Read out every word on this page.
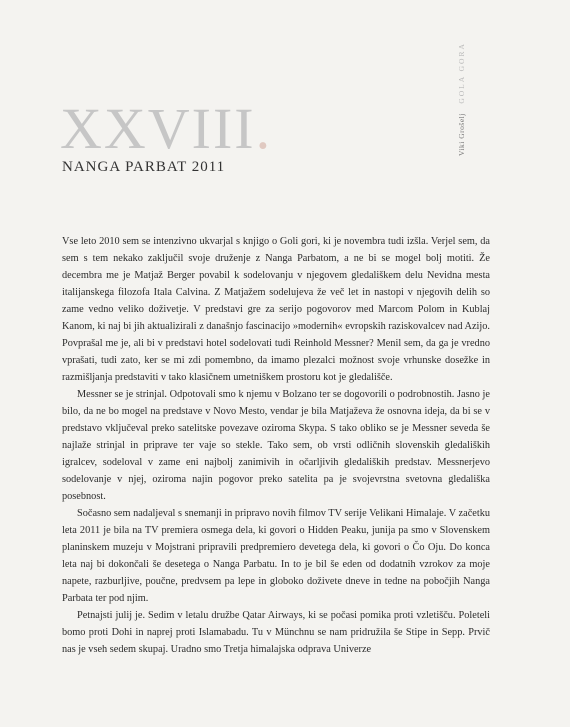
XXVIII.
NANGA PARBAT 2011
Viki Grošelj    GOLA GORA

Vse leto 2010 sem se intenzivno ukvarjal s knjigo o Goli gori, ki je novembra tudi izšla. Verjel sem, da sem s tem nekako zaključil svoje druženje z Nanga Parbatom, a ne bi se mogel bolj motiti. Že decembra me je Matjaž Berger povabil k sodelovanju v njegovem gledališkem delu Nevidna mesta italijanskega filozofa Itala Calvina. Z Matjažem sodelujeva že več let in nastopi v njegovih delih so zame vedno veliko doživetje. V predstavi gre za serijo pogovorov med Marcom Polom in Kublaj Kanom, ki naj bi jih aktualizirali z današnjo fascinacijo »modernih« evropskih raziskovalcev nad Azijo. Povprašal me je, ali bi v predstavi hotel sodelovati tudi Reinhold Messner? Menil sem, da ga je vredno vprašati, tudi zato, ker se mi zdi pomembno, da imamo plezalci možnost svoje vrhunske dosežke in razmišljanja predstaviti v tako klasičnem umetniškem prostoru kot je gledališče.

Messner se je strinjal. Odpotovali smo k njemu v Bolzano ter se dogovorili o podrobnostih. Jasno je bilo, da ne bo mogel na predstave v Novo Mesto, vendar je bila Matjaževa že osnovna ideja, da bi se v predstavo vključeval preko satelitske povezave oziroma Skypa. S tako obliko se je Messner seveda še najlaže strinjal in pripravе ter vaje so stekle. Tako sem, ob vrsti odličnih slovenskih gledaliških igralcev, sodeloval v zame eni najbolj zanimivih in očarljivih gledaliških predstav. Messnerjevo sodelovanje v njej, oziroma najin pogovor preko satelita pa je svojevrstna svetovna gledališka posebnost.

Sočasno sem nadaljeval s snemanji in pripravo novih filmov TV serije Velikani Himalaje. V začetku leta 2011 je bila na TV premiera osmega dela, ki govori o Hidden Peaku, junija pa smo v Slovenskem planinskem muzeju v Mojstrani pripravili predpremiero devetega dela, ki govori o Čo Oju. Do konca leta naj bi dokončali še desetega o Nanga Parbatu. In to je bil še eden od dodatnih vzrokov za moje napete, razburljive, poučne, predvsem pa lepe in globoko doživete dneve in tedne na pobočjih Nanga Parbata ter pod njim.

Petnajsti julij je. Sedim v letalu družbe Qatar Airways, ki se počasi pomika proti vzletišču. Poleteli bomo proti Dohi in naprej proti Islamabadu. Tu v Münchnu se nam pridružila še Stipe in Sepp. Prvič nas je vseh sedem skupaj. Uradno smo Tretja himalajska odprava Univerze
